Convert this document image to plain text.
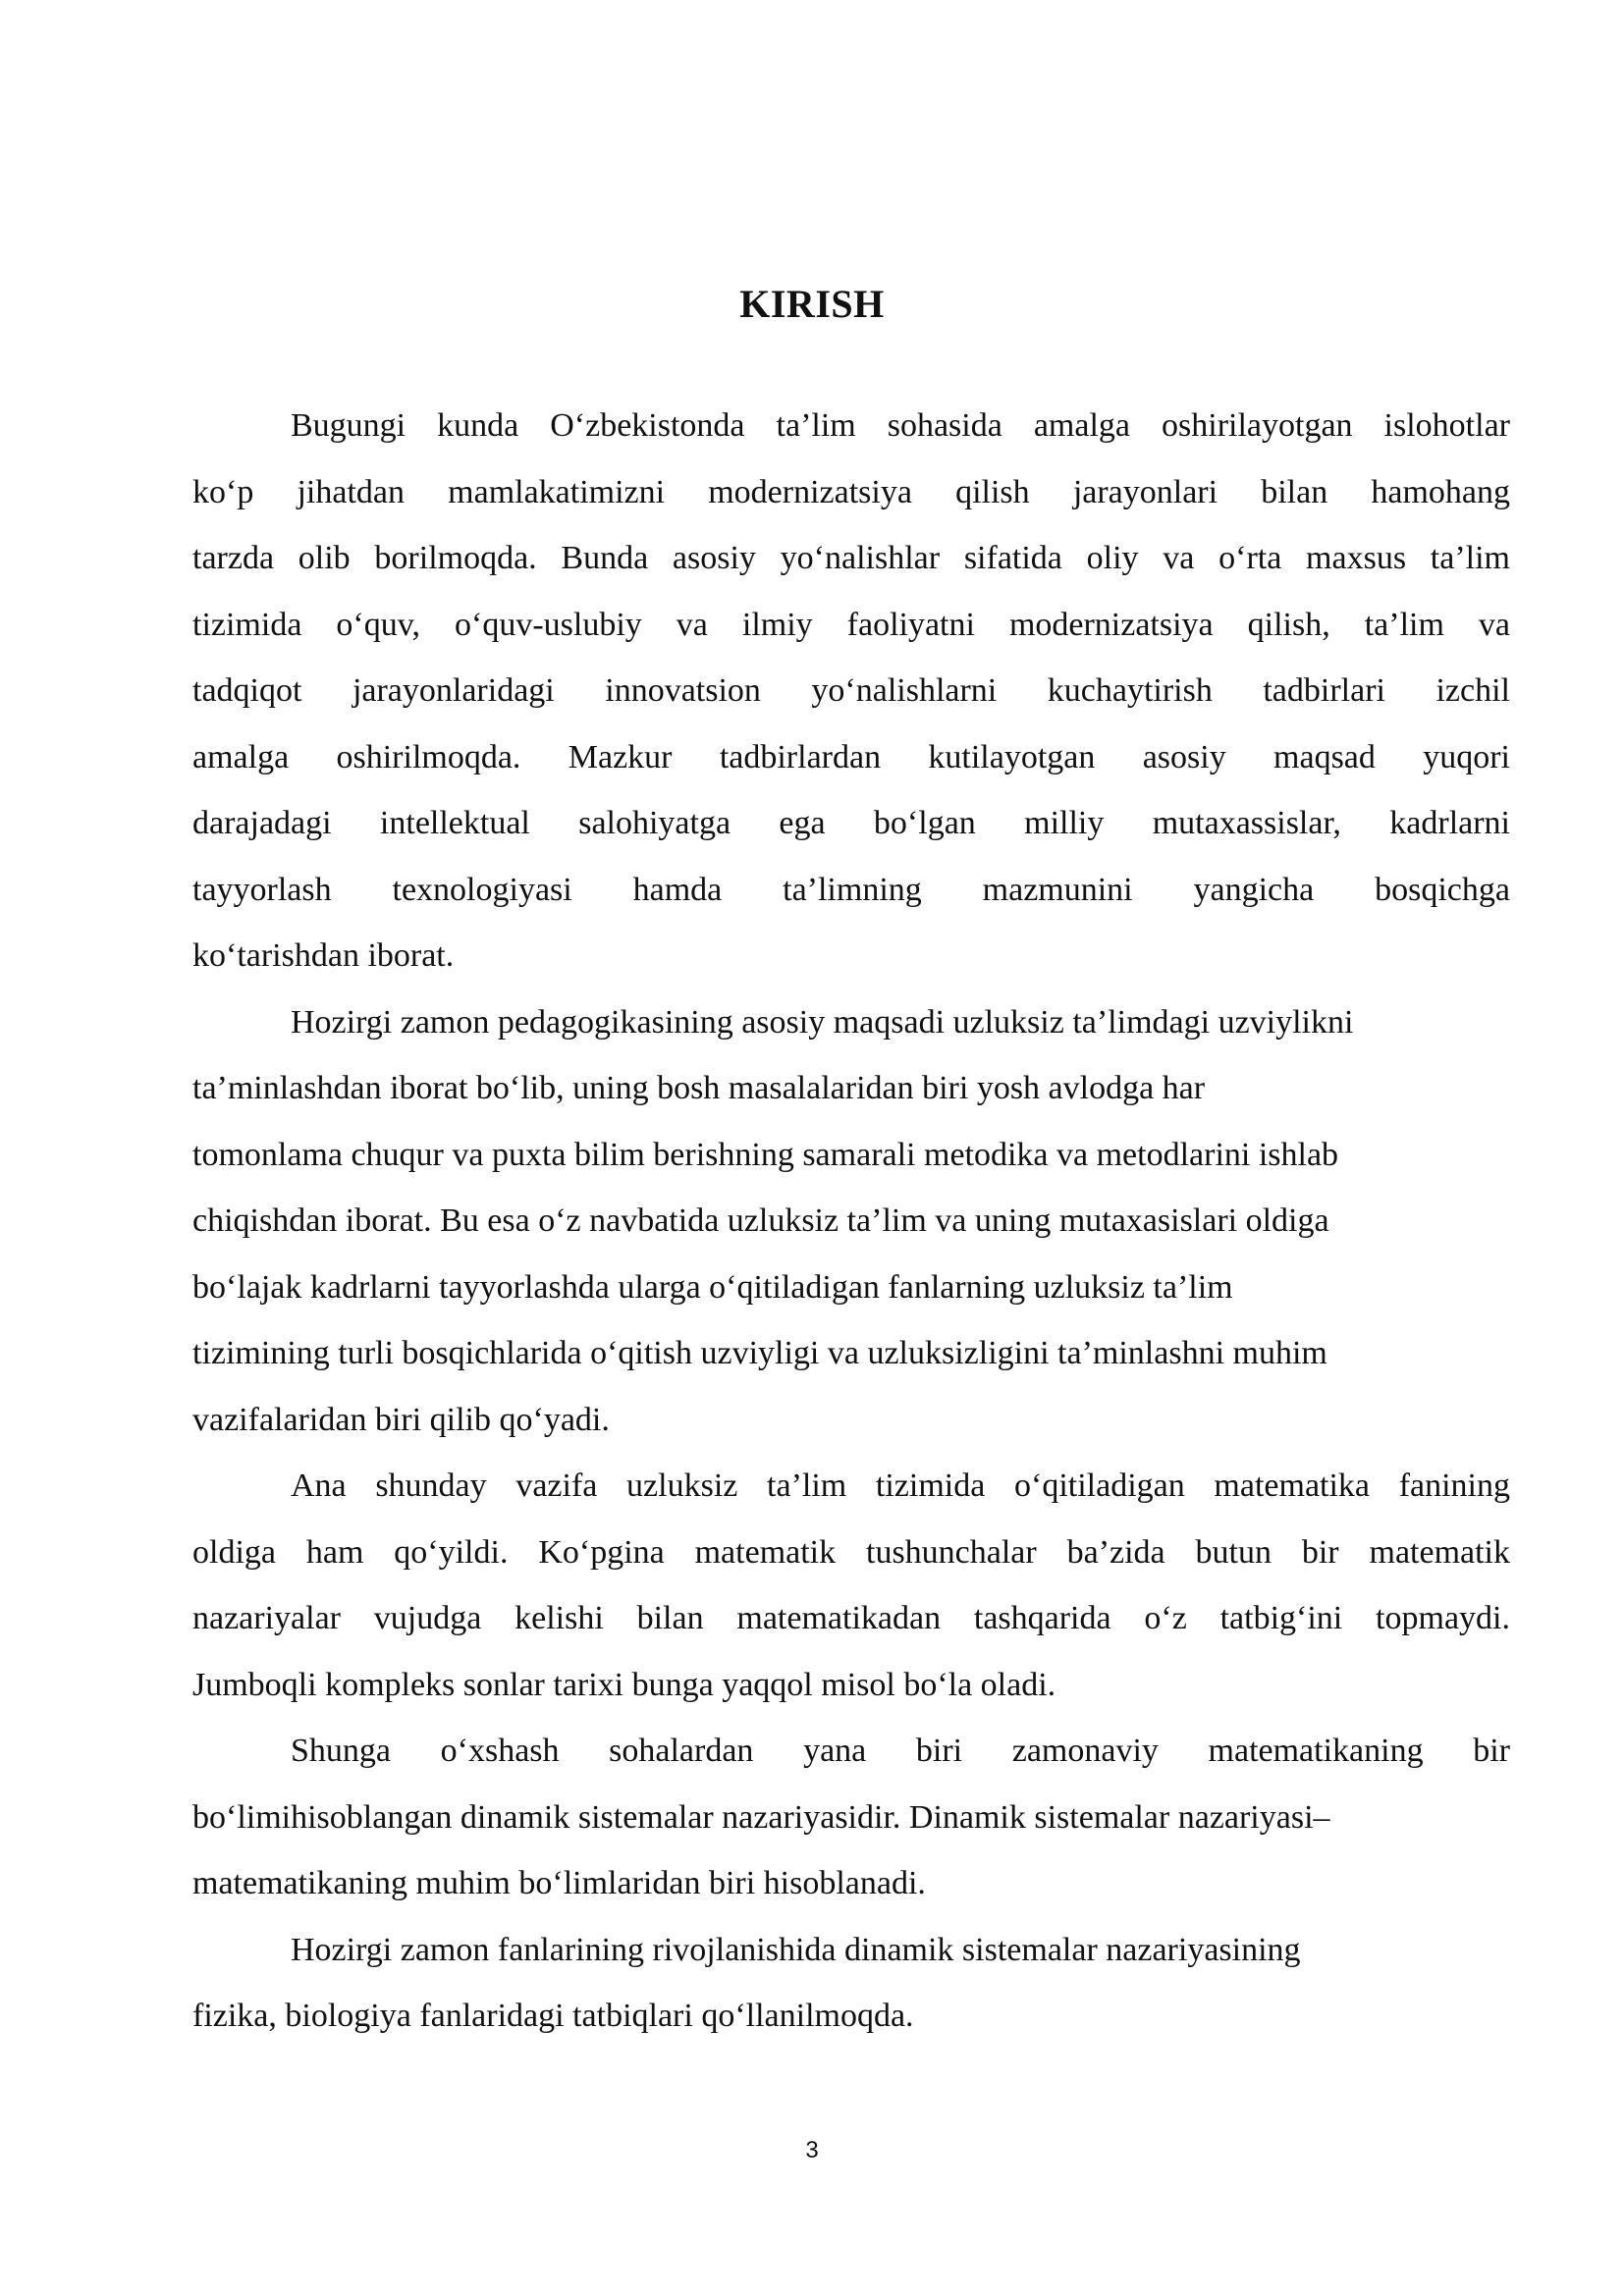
KIRISH

Bugungi kunda O‘zbekistonda ta’lim sohasida amalga oshirilayotgan islohotlar
ko‘p jihatdan mamlakatimizni modernizatsiya qilish jarayonlari bilan hamohang
tarzda olib borilmoqda. Bunda asosiy yo‘nalishlar sifatida oliy va o‘rta maxsus ta’lim
tizimida o‘quv, o‘quv-uslubiy va ilmiy faoliyatni modernizatsiya qilish, ta’lim va
tadqiqot jarayonlaridagi innovatsion yo‘nalishlarni kuchaytirish tadbirlari izchil
amalga oshirilmoqda. Mazkur tadbirlardan kutilayotgan asosiy maqsad yuqori
darajadagi intellektual salohiyatga ega bo‘lgan milliy mutaxassislar, kadrlarni
tayyorlash texnologiyasi hamda ta’limning mazmunini yangicha bosqichga
ko‘tarishdan iborat.

Hozirgi zamon pedagogikasining asosiy maqsadi uzluksiz ta’limdagi uzviylikni
ta’minlashdan iborat bo‘lib, uning bosh masalalaridan biri yosh avlodga har
tomonlama chuqur va puxta bilim berishning samarali metodika va metodlarini ishlab
chiqishdan iborat. Bu esa o‘z navbatida uzluksiz ta’lim va uning mutaxasislari oldiga
bo‘lajak kadrlarni tayyorlashda ularga o‘qitiladigan fanlarning uzluksiz ta’lim
tizimining turli bosqichlarida o‘qitish uzviyligi va uzluksizligini ta’minlashni muhim
vazifalaridan biri qilib qo‘yadi.

Ana shunday vazifa uzluksiz ta’lim tizimida o‘qitiladigan matematika fanining
oldiga ham qo‘yildi. Ko‘pgina matematik tushunchalar ba’zida butun bir matematik
nazariyalar vujudga kelishi bilan matematikadan tashqarida o‘z tatbig‘ini topmaydi.
Jumboqli kompleks sonlar tarixi bunga yaqqol misol bo‘la oladi.

Shunga o‘xshash sohalardan yana biri zamonaviy matematikaning bir
bo‘limihisoblangan dinamik sistemalar nazariyasidir. Dinamik sistemalar nazariyasi–
matematikaning muhim bo‘limlaridan biri hisoblanadi.

Hozirgi zamon fanlarining rivojlanishida dinamik sistemalar nazariyasining
fizika, biologiya fanlaridagi tatbiqlari qo‘llanilmoqda.

3
